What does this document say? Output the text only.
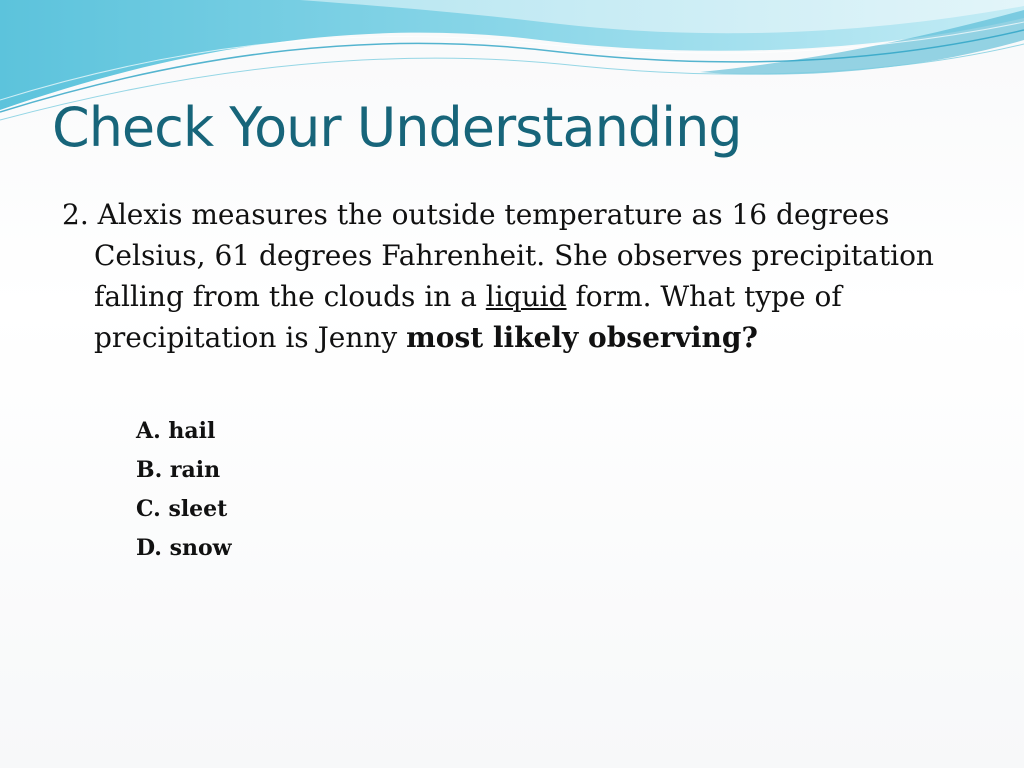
Check Your Understanding
2. Alexis measures the outside temperature as 16 degrees
Celsius, 61 degrees Fahrenheit. She observes precipitation
falling from the clouds in a liquid form. What type of
precipitation is Jenny most likely observing?
A. hail
B. rain
C. sleet
D. snow
